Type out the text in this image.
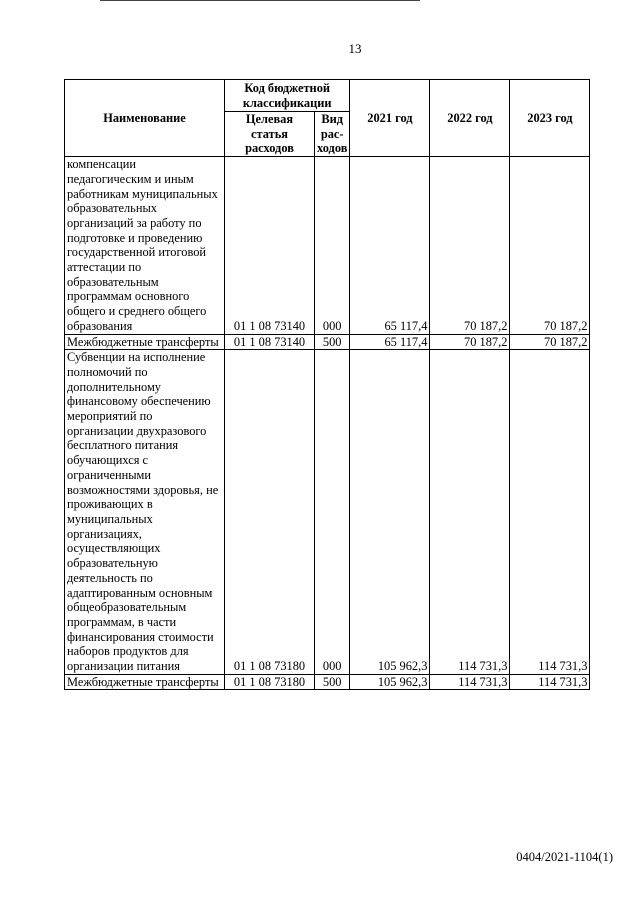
13
Наименование	Код бюджетной классификации		2021 год	2022 год	2023 год
	Целевая статья расходов	Вид рас-ходов			
компенсации педагогическим и иным работникам муниципальных образовательных организаций за работу по подготовке и проведению государственной итоговой аттестации по образовательным программам основного общего и среднего общего образования	01 1 08 73140	000	65 117,4	70 187,2	70 187,2
Межбюджетные трансферты	01 1 08 73140	500	65 117,4	70 187,2	70 187,2
Субвенции на исполнение полномочий по дополнительному финансовому обеспечению мероприятий по организации двухразового бесплатного питания обучающихся с ограниченными возможностями здоровья, не проживающих в муниципальных организациях, осуществляющих образовательную деятельность по адаптированным основным общеобразовательным программам, в части финансирования стоимости наборов продуктов для организации питания	01 1 08 73180	000	105 962,3	114 731,3	114 731,3
Межбюджетные трансферты	01 1 08 73180	500	105 962,3	114 731,3	114 731,3
0404/2021-1104(1)
